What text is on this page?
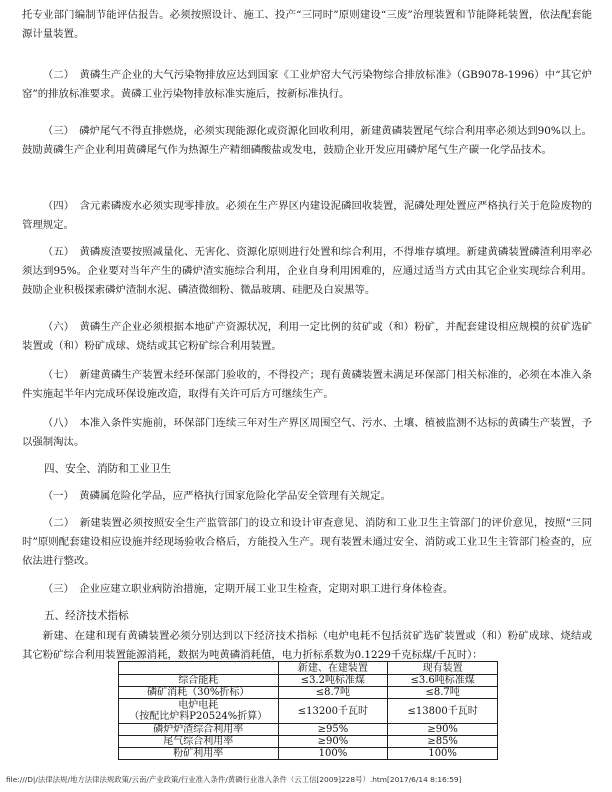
托专业部门编制节能评估报告。必须按照设计、施工、投产“三同时”原则建设“三废”治理装置和节能降耗装置，依法配套能源计量装置。

（二）　黄磷生产企业的大气污染物排放应达到国家《工业炉窑大气污染物综合排放标准》（GB9078-1996）中“其它炉窑”的排放标准要求。黄磷工业污染物排放标准实施后，按新标准执行。

（三）　磷炉尾气不得直排燃烧，必须实现能源化或资源化回收利用，新建黄磷装置尾气综合利用率必须达到90%以上。鼓励黄磷生产企业利用黄磷尾气作为热源生产精细磷酸盐或发电，鼓励企业开发应用磷炉尾气生产碳一化学品技术。

（四）　含元素磷废水必须实现零排放。必须在生产界区内建设泥磷回收装置，泥磷处理处置应严格执行关于危险废物的管理规定。

（五）　黄磷废渣要按照减量化、无害化、资源化原则进行处置和综合利用，不得堆存填埋。新建黄磷装置磷渣利用率必须达到95%。企业要对当年产生的磷炉渣实施综合利用，企业自身利用困难的，应通过适当方式由其它企业实现综合利用。鼓励企业积极探索磷炉渣制水泥、磷渣微细粉、微晶玻璃、硅肥及白炭黑等。

（六）　黄磷生产企业必须根据本地矿产资源状况，利用一定比例的贫矿或（和）粉矿，并配套建设相应规模的贫矿选矿装置或（和）粉矿成球、烧结或其它粉矿综合利用装置。

（七）　新建黄磷生产装置未经环保部门验收的，不得投产；现有黄磷装置未满足环保部门相关标准的，必须在本准入条件实施起半年内完成环保设施改造，取得有关许可后方可继续生产。

（八）　本准入条件实施前，环保部门连续三年对生产界区周围空气、污水、土壤、植被监测不达标的黄磷生产装置，予以强制淘汰。

四、安全、消防和工业卫生

（一）　黄磷属危险化学品，应严格执行国家危险化学品安全管理有关规定。

（二）　新建装置必须按照安全生产监管部门的设立和设计审查意见、消防和工业卫生主管部门的评价意见，按照“三同时”原则配套建设相应设施并经现场验收合格后，方能投入生产。现有装置未通过安全、消防或工业卫生主管部门检查的，应依法进行整改。

（三）　企业应建立职业病防治措施，定期开展工业卫生检查，定期对职工进行身体检查。

五、经济技术指标

新建、在建和现有黄磷装置必须分别达到以下经济技术指标（电炉电耗不包括贫矿选矿装置或（和）粉矿成球、烧结或其它粉矿综合利用装置能源消耗，数据为吨黄磷消耗值，电力折标系数为0.1229千克标煤/千瓦时）：

	新建、在建装置	现有装置
综合能耗	≤3.2吨标准煤	≤3.6吨标准煤
磷矿消耗（30%折标）	≤8.7吨	≤8.7吨

电炉电耗
（按配比炉料P20524%折算）	≤13200千瓦时	≤13800千瓦时
磷炉炉渣综合利用率	≥95%	≥90%
尾气综合利用率	≥90%	≥85%
粉矿利用率	100%	100%
file:///D|/法律法规/地方法律法规政策/云南/产业政策/行业准入条件/黄磷行业准入条件（云工信[2009]228号）.htm[2017/6/14 8:16:59]
